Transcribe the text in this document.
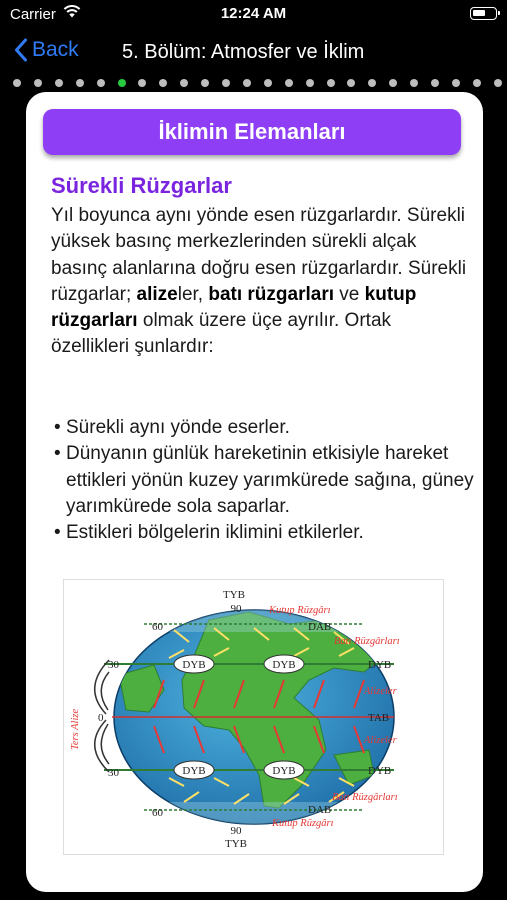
Carrier	12:24 AM
Back 5. Bölüm: Atmosfer ve İklim
İklimin Elemanları
Sürekli Rüzgarlar
Yıl boyunca aynı yönde esen rüzgarlardır. Sürekli yüksek basınç merkezlerinden sürekli alçak basınç alanlarına doğru esen rüzgarlardır. Sürekli rüzgarlar; alizeler, batı rüzgarları ve kutup rüzgarları olmak üzere üçe ayrılır. Ortak özellikleri şunlardır:
• Sürekli aynı yönde eserler.
• Dünyanın günlük hareketinin etkisiyle hareket ettikleri yönün kuzey yarımkürede sağına, güney yarımkürede sola saparlar.
• Estikleri bölgelerin iklimini etkilerler.
DYB	DYB
DYB	DYB
TYB
90
60
30
0
30
60
90
TYB
DAB
DYB
TAB
DYB
DAB
Kutup Rüzgârı
Batı Rüzgârları
Alizeler
Alizeler
Batı Rüzgârları
Kutup Rüzgârı
Ters Alize
